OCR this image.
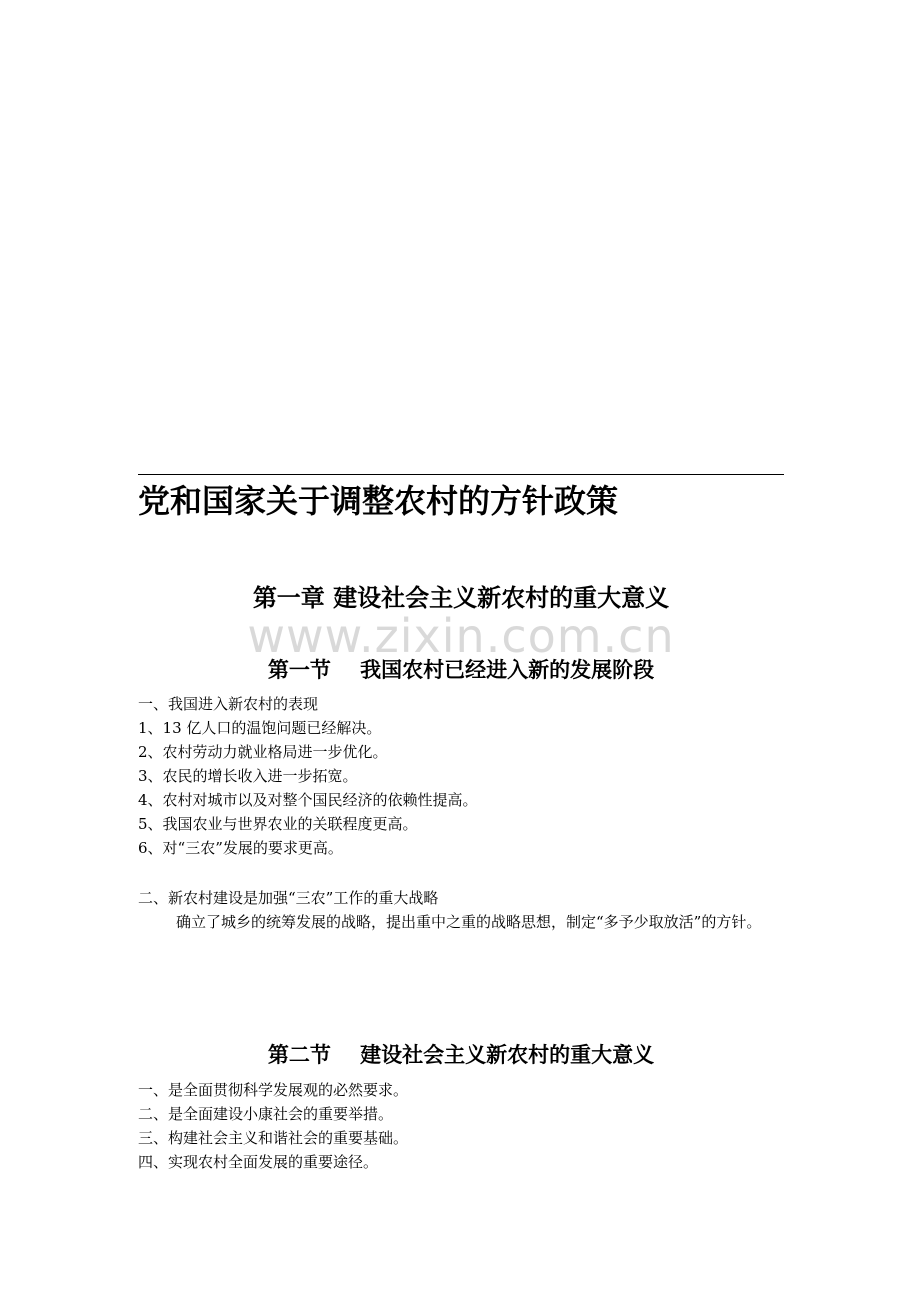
党和国家关于调整农村的方针政策
第一章 建设社会主义新农村的重大意义
www.zixin.com.cn
第一节    我国农村已经进入新的发展阶段
一、我国进入新农村的表现
1、13 亿人口的温饱问题已经解决。
2、农村劳动力就业格局进一步优化。
3、农民的增长收入进一步拓宽。
4、农村对城市以及对整个国民经济的依赖性提高。
5、我国农业与世界农业的关联程度更高。
6、对“三农”发展的要求更高。
二、新农村建设是加强“三农”工作的重大战略

确立了城乡的统筹发展的战略，提出重中之重的战略思想，制定“多予少取放活”的方针。

第二节    建设社会主义新农村的重大意义
一、是全面贯彻科学发展观的必然要求。
二、是全面建设小康社会的重要举措。
三、构建社会主义和谐社会的重要基础。
四、实现农村全面发展的重要途径。
